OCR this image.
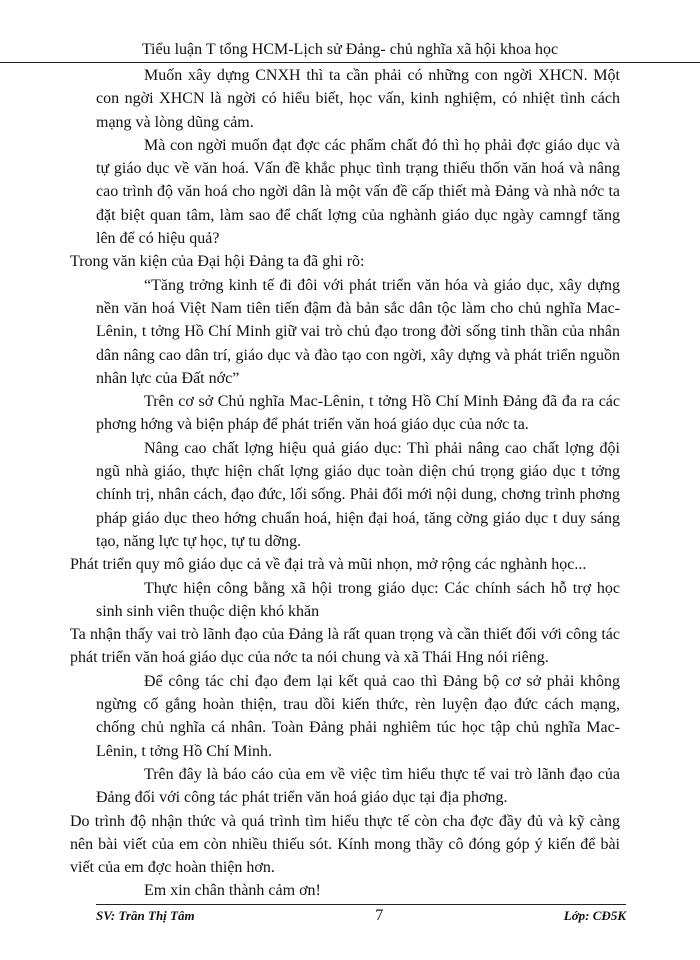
Tiểu luận T tổng HCM-Lịch sử Đảng- chủ nghĩa xã hội khoa học

Muốn xây dựng CNXH thì ta cần phải có những con ngời XHCN. Một con ngời XHCN là ngời có hiểu biết, học vấn, kinh nghiệm, có nhiệt tình cách mạng và lòng dũng cảm.

Mà con ngời muốn đạt đợc các phẩm chất đó thì họ phải đợc giáo dục và tự giáo dục về văn hoá. Vấn đề khắc phục tình trạng thiếu thốn văn hoá và nâng cao trình độ văn hoá cho ngời dân là một vấn đề cấp thiết mà Đảng và nhà nớc ta đặt biệt quan tâm, làm sao để chất lợng của nghành giáo dục ngày camngf tăng lên để có hiệu quả?

Trong văn kiện của Đại hội Đảng ta đã ghi rõ:

“Tăng trởng kinh tế đi đôi với phát triển văn hóa và giáo dục, xây dựng nền văn hoá Việt Nam tiên tiến đậm đà bản sắc dân tộc làm cho chủ nghĩa Mac-Lênin, t tởng Hồ Chí Minh giữ vai trò chủ đạo trong đời sống tinh thần của nhân dân nâng cao dân trí, giáo dục và đào tạo con ngời, xây dựng và phát triển nguồn nhân lực của Đất nớc”

Trên cơ sở Chủ nghĩa Mac-Lênin, t tởng Hồ Chí Minh Đảng đã đa ra các phơng hớng và biện pháp để phát triển văn hoá giáo dục của nớc ta.

Nâng cao chất lợng hiệu quả giáo dục: Thì phải nâng cao chất lợng đội ngũ nhà giáo, thực hiện chất lợng giáo dục toàn diện chú trọng giáo dục t tởng chính trị, nhân cách, đạo đức, lối sống. Phải đổi mới nội dung, chơng trình phơng pháp giáo dục theo hớng chuẩn hoá, hiện đại hoá, tăng cờng giáo dục t duy sáng tạo, năng lực tự học, tự tu dỡng.

Phát triển quy mô giáo dục cả về đại trà và mũi nhọn, mở rộng các nghành học...

Thực hiện công bằng xã hội trong giáo dục: Các chính sách hỗ trợ học sinh sinh viên thuộc diện khó khăn

Ta nhận thấy vai trò lãnh đạo của Đảng là rất quan trọng và cần thiết đối với công tác phát triển văn hoá giáo dục của nớc ta nói chung và xã Thái Hng nói riêng.

Để công tác chỉ đạo đem lại kết quả cao thì Đảng bộ cơ sở phải không ngừng cố gắng hoàn thiện, trau dồi kiến thức, rèn luyện đạo đức cách mạng, chống chủ nghĩa cá nhân. Toàn Đảng phải nghiêm túc học tập chủ nghĩa Mac-Lênin, t tởng Hồ Chí Minh.

Trên đây là báo cáo của em về việc tìm hiểu thực tế vai trò lãnh đạo của Đảng đối với công tác phát triển văn hoá giáo dục tại địa phơng.

Do trình độ nhận thức và quá trình tìm hiểu thực tế còn cha đợc đầy đủ và kỹ càng nên bài viết của em còn nhiều thiếu sót. Kính mong thầy cô đóng góp ý kiến để bài viết của em đợc hoàn thiện hơn.

Em xin chân thành cảm ơn!

SV: Trần Thị Tâm	7	Lớp: CĐ5K
